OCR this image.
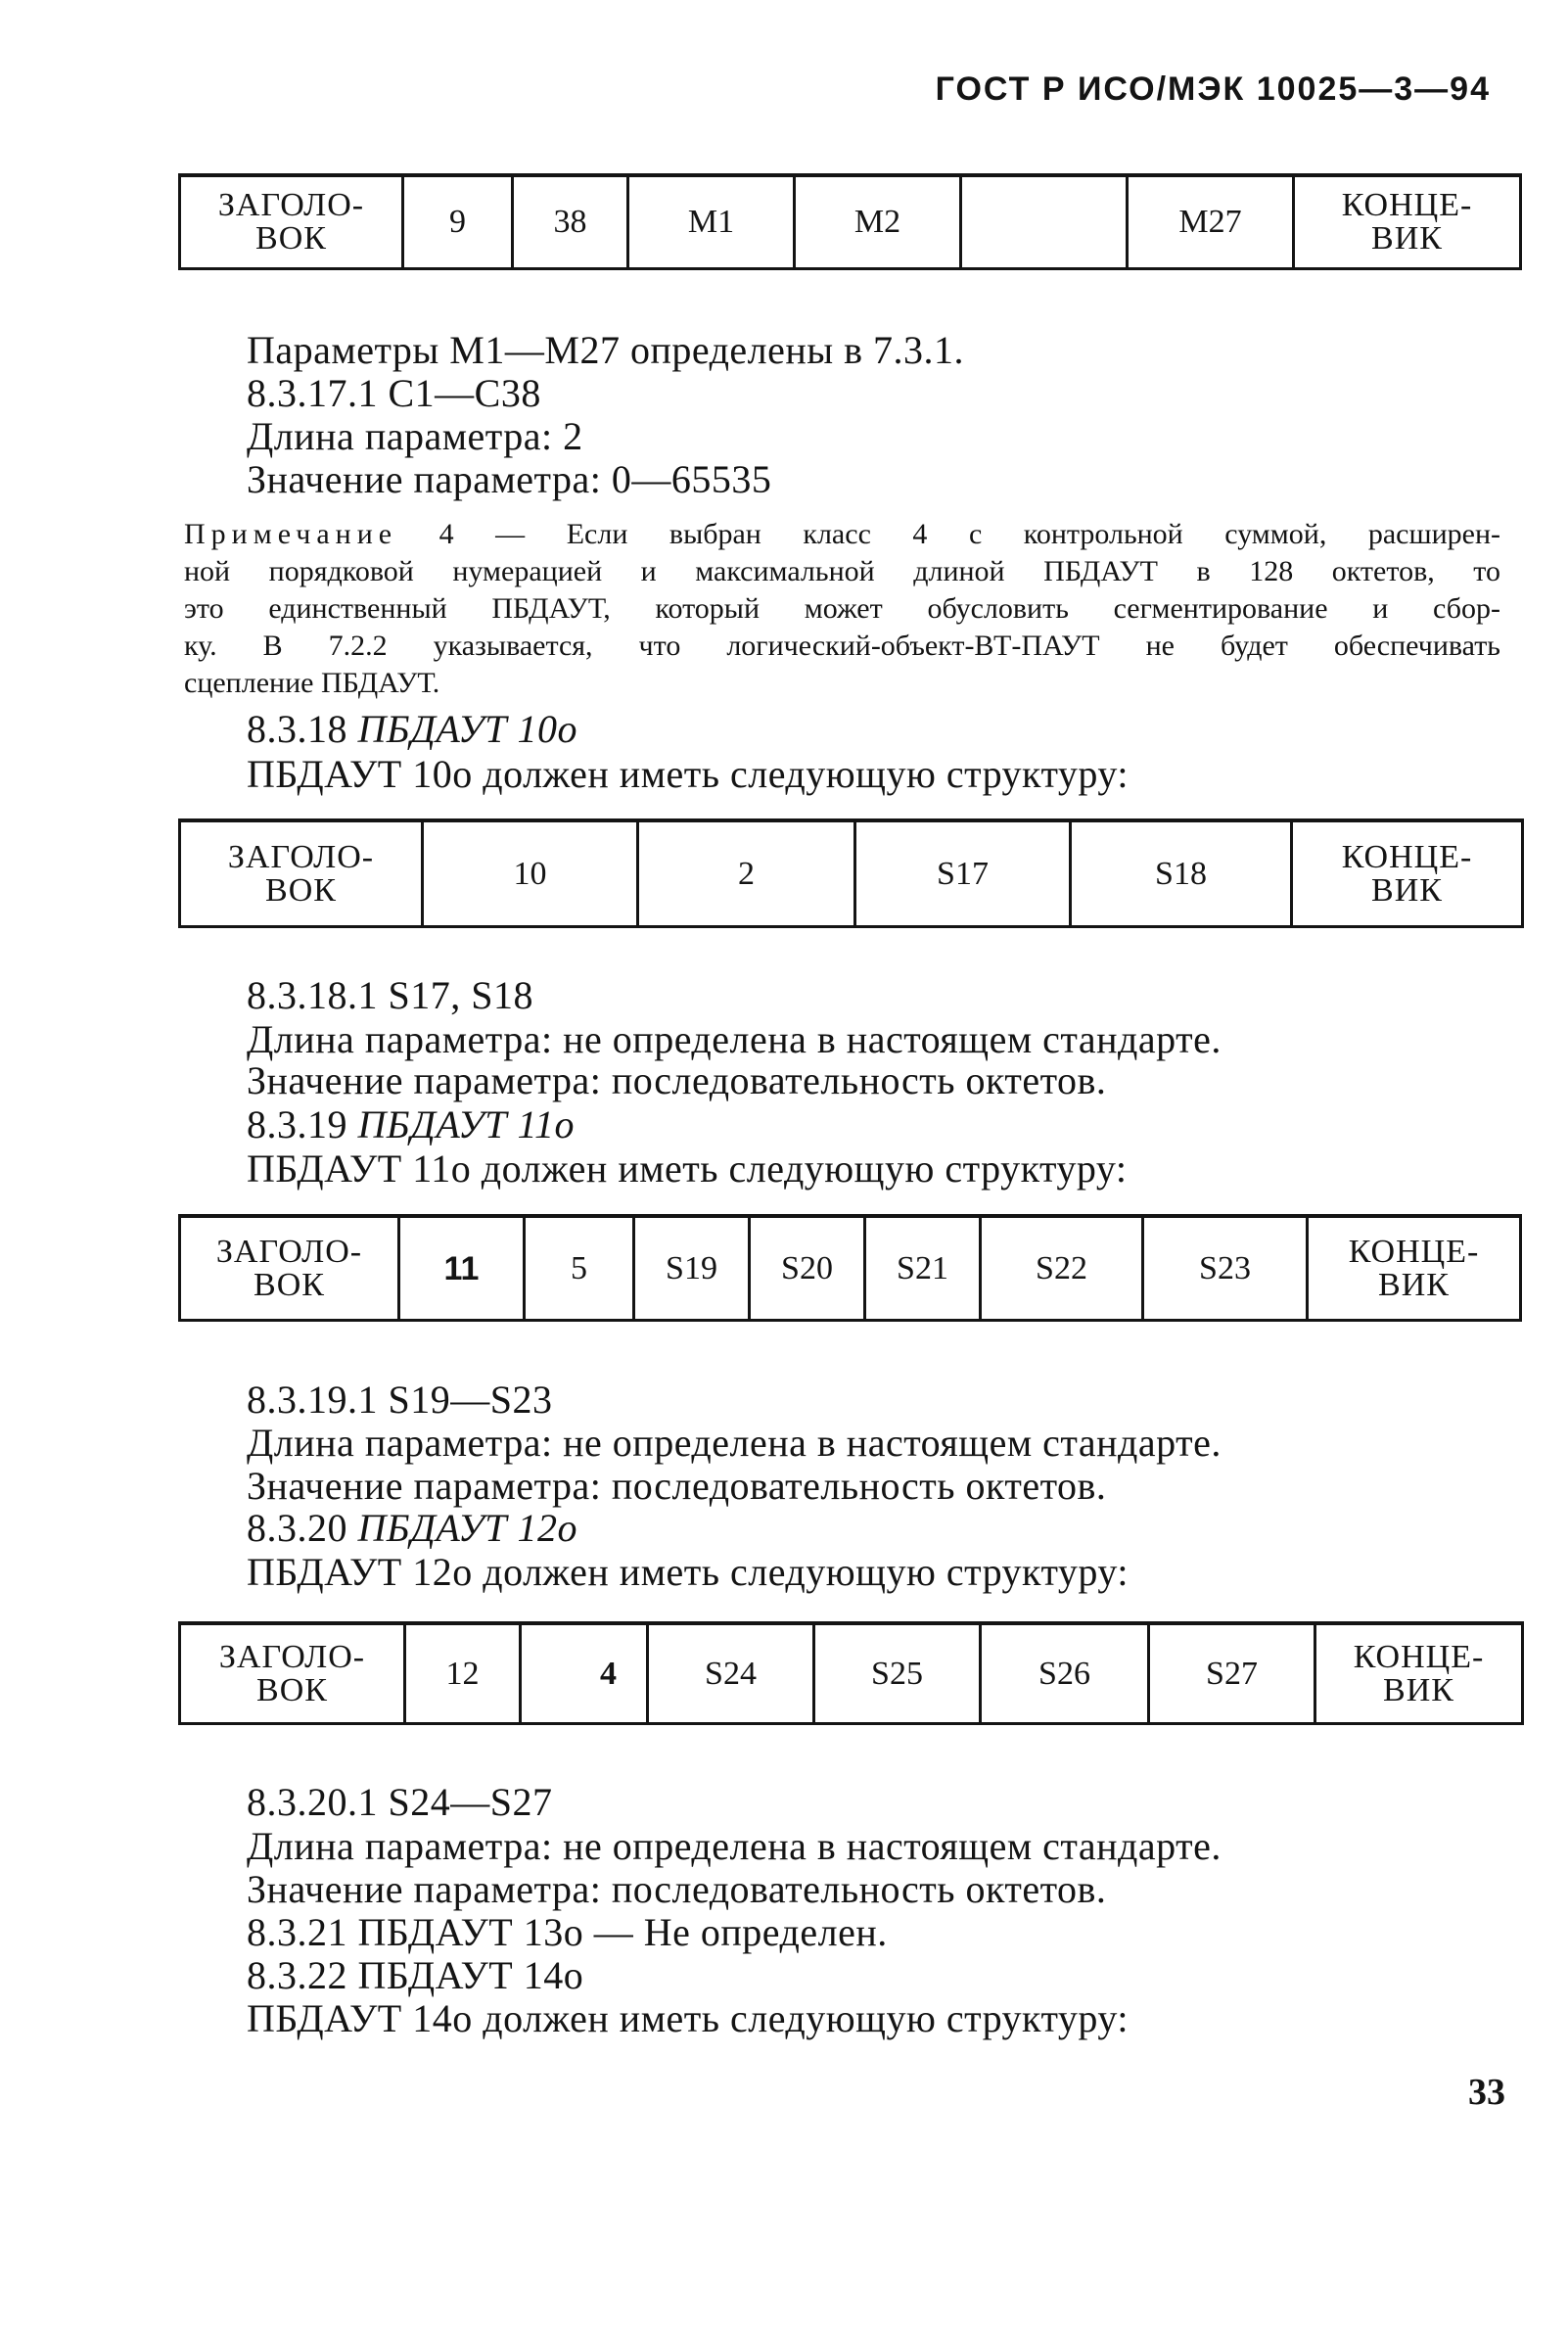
ГОСТ Р ИСО/МЭК 10025—3—94
ЗАГОЛО-
ВОК	9	38	M1	M2		M27	КОНЦЕ-
ВИК
Параметры M1—M27 определены в 7.3.1.
8.3.17.1 C1—C38
Длина параметра: 2
Значение параметра: 0—65535
Примечание 4 — Если выбран класс 4 с контрольной суммой, расширен-
ной порядковой нумерацией и максимальной длиной ПБДАУТ в 128 октетов, то
это единственный ПБДАУТ, который может обусловить сегментирование и сбор-
ку. В 7.2.2 указывается, что логический-объект-ВТ-ПАУТ не будет обеспечивать
сцепление ПБДАУТ.
8.3.18 ПБДАУТ 10о
ПБДАУТ 10о должен иметь следующую структуру:
ЗАГОЛО-
ВОК	10	2	S17	S18	КОНЦЕ-
ВИК
8.3.18.1 S17, S18
Длина параметра: не определена в настоящем стандарте.
Значение параметра: последовательность октетов.
8.3.19 ПБДАУТ 11о
ПБДАУТ 11о должен иметь следующую структуру:
ЗАГОЛО-
ВОК	11	5	S19	S20	S21	S22	S23	КОНЦЕ-
ВИК
8.3.19.1 S19—S23
Длина параметра: не определена в настоящем стандарте.
Значение параметра: последовательность октетов.
8.3.20 ПБДАУТ 12о
ПБДАУТ 12о должен иметь следующую структуру:
ЗАГОЛО-
ВОК	12	4	S24	S25	S26	S27	КОНЦЕ-
ВИК
8.3.20.1 S24—S27
Длина параметра: не определена в настоящем стандарте.
Значение параметра: последовательность октетов.
8.3.21 ПБДАУТ 13о — Не определен.
8.3.22 ПБДАУТ 14о
ПБДАУТ 14о должен иметь следующую структуру:
33
